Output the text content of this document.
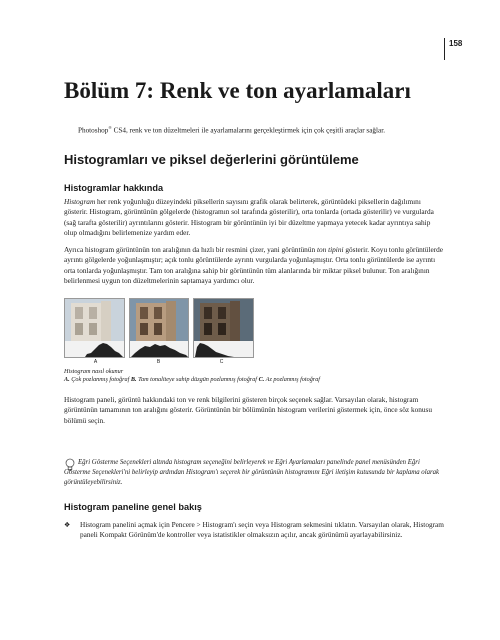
158
Bölüm 7: Renk ve ton ayarlamaları
Photoshop® CS4, renk ve ton düzeltmeleri ile ayarlamalarını gerçekleştirmek için çok çeşitli araçlar sağlar.
Histogramları ve piksel değerlerini görüntüleme
Histogramlar hakkında
Histogram her renk yoğunluğu düzeyindeki piksellerin sayısını grafik olarak belirterek, görüntüdeki piksellerin dağılımını gösterir. Histogram, görüntünün gölgelerde (histogramın sol tarafında gösterilir), orta tonlarda (ortada gösterilir) ve vurgularda (sağ tarafta gösterilir) ayrıntılarını gösterir. Histogram bir görüntünün iyi bir düzeltme yapmaya yetecek kadar ayrıntıya sahip olup olmadığını belirlemenize yardım eder.
Ayrıca histogram görüntünün ton aralığının da hızlı bir resmini çizer, yani görüntünün ton tipini gösterir. Koyu tonlu görüntülerde ayrıntı gölgelerde yoğunlaşmıştır; açık tonlu görüntülerde ayrıntı vurgularda yoğunlaşmıştır. Orta tonlu görüntülerde ise ayrıntı orta tonlarda yoğunlaşmıştır. Tam ton aralığına sahip bir görüntünün tüm alanlarında bir miktar piksel bulunur. Ton aralığının belirlenmesi uygun ton düzeltmelerinin saptamaya yardımcı olur.
A	B	C
Histogram nasıl okunur
A. Çok pozlanmış fotoğraf B. Tam tonaliteye sahip düzgün pozlanmış fotoğraf C. Az pozlanmış fotoğraf
Histogram paneli, görüntü hakkındaki ton ve renk bilgilerini gösteren birçok seçenek sağlar. Varsayılan olarak, histogram görüntünün tamamının ton aralığını gösterir. Görüntünün bir bölümünün histogram verilerini göstermek için, önce söz konusu bölümü seçin.
Eğri Gösterme Seçenekleri altında histogram seçeneğini belirleyerek ve Eğri Ayarlamaları panelinde panel menüsünden Eğri Gösterme Seçenekleri'ni belirleyip ardından Histogram'ı seçerek bir görüntünün histogramını Eğri iletişim kutusunda bir kaplama olarak görüntüleyebilirsiniz.
Histogram paneline genel bakış
❖	Histogram panelini açmak için Pencere > Histogram'ı seçin veya Histogram sekmesini tıklatın. Varsayılan olarak, Histogram paneli Kompakt Görünüm'de kontroller veya istatistikler olmaksızın açılır, ancak görünümü ayarlayabilirsiniz.
